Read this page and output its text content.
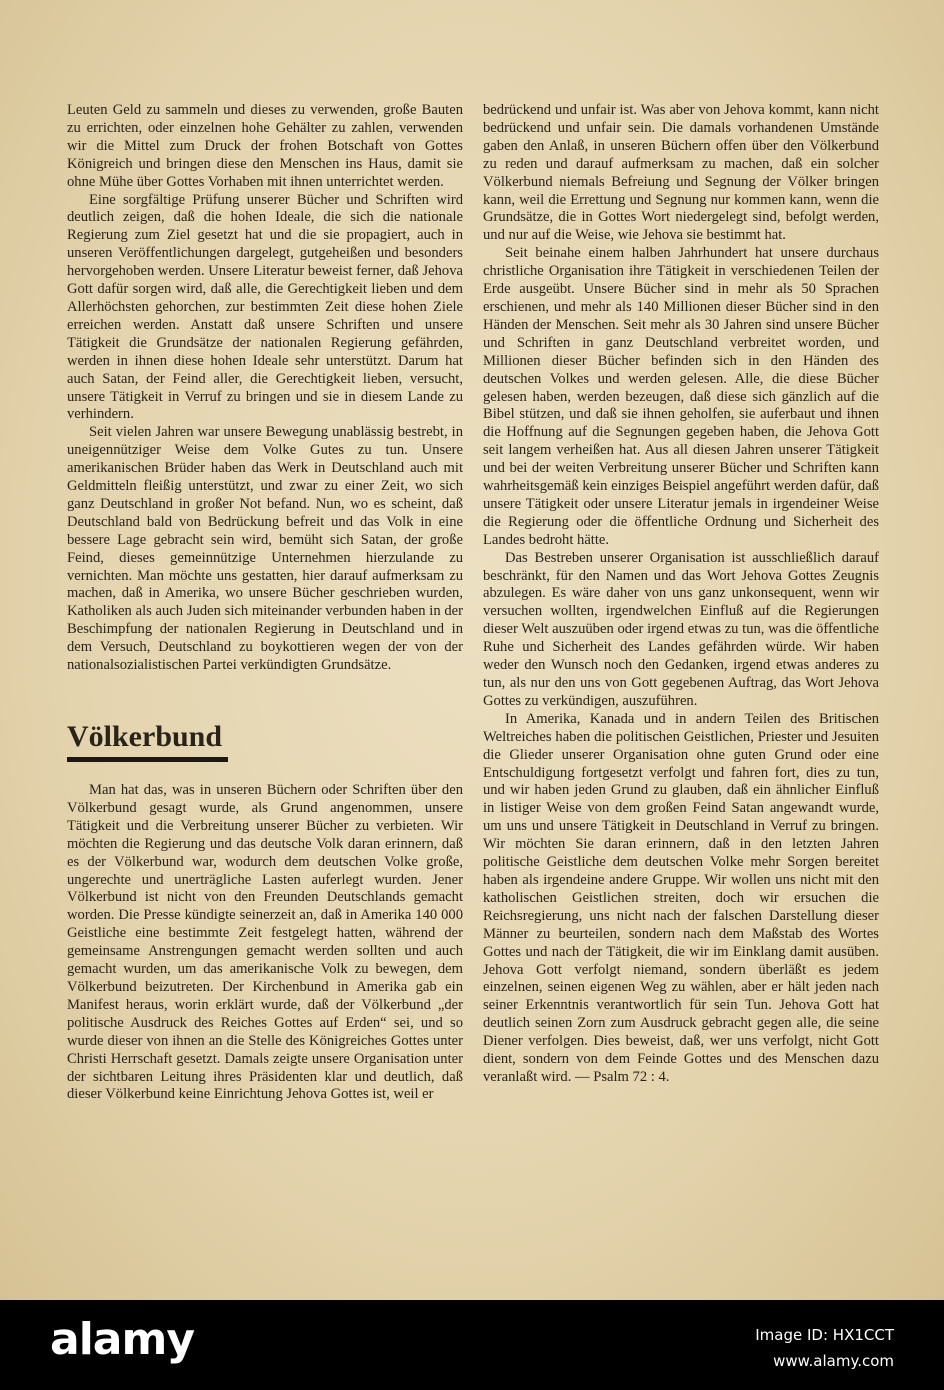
Leuten Geld zu sammeln und dieses zu verwenden, große Bauten zu errichten, oder einzelnen hohe Gehälter zu zahlen, verwenden wir die Mittel zum Druck der frohen Botschaft von Gottes Königreich und bringen diese den Menschen ins Haus, damit sie ohne Mühe über Gottes Vorhaben mit ihnen unterrichtet werden.

Eine sorgfältige Prüfung unserer Bücher und Schriften wird deutlich zeigen, daß die hohen Ideale, die sich die nationale Regierung zum Ziel gesetzt hat und die sie propagiert, auch in unseren Veröffentlichungen dargelegt, gutgeheißen und besonders hervorgehoben werden. Unsere Literatur beweist ferner, daß Jehova Gott dafür sorgen wird, daß alle, die Gerechtigkeit lieben und dem Allerhöchsten gehorchen, zur bestimmten Zeit diese hohen Ziele erreichen werden. Anstatt daß unsere Schriften und unsere Tätigkeit die Grundsätze der nationalen Regierung gefährden, werden in ihnen diese hohen Ideale sehr unterstützt. Darum hat auch Satan, der Feind aller, die Gerechtigkeit lieben, versucht, unsere Tätigkeit in Verruf zu bringen und sie in diesem Lande zu verhindern.

Seit vielen Jahren war unsere Bewegung unablässig bestrebt, in uneigennütziger Weise dem Volke Gutes zu tun. Unsere amerikanischen Brüder haben das Werk in Deutschland auch mit Geldmitteln fleißig unterstützt, und zwar zu einer Zeit, wo sich ganz Deutschland in großer Not befand. Nun, wo es scheint, daß Deutschland bald von Bedrückung befreit und das Volk in eine bessere Lage gebracht sein wird, bemüht sich Satan, der große Feind, dieses gemeinnützige Unternehmen hierzulande zu vernichten. Man möchte uns gestatten, hier darauf aufmerksam zu machen, daß in Amerika, wo unsere Bücher geschrieben wurden, Katholiken als auch Juden sich miteinander verbunden haben in der Beschimpfung der nationalen Regierung in Deutschland und in dem Versuch, Deutschland zu boykottieren wegen der von der nationalsozialistischen Partei verkündigten Grundsätze.

Völkerbund

Man hat das, was in unseren Büchern oder Schriften über den Völkerbund gesagt wurde, als Grund angenommen, unsere Tätigkeit und die Verbreitung unserer Bücher zu verbieten. Wir möchten die Regierung und das deutsche Volk daran erinnern, daß es der Völkerbund war, wodurch dem deutschen Volke große, ungerechte und unerträgliche Lasten auferlegt wurden. Jener Völkerbund ist nicht von den Freunden Deutschlands gemacht worden. Die Presse kündigte seinerzeit an, daß in Amerika 140 000 Geistliche eine bestimmte Zeit festgelegt hatten, während der gemeinsame Anstrengungen gemacht werden sollten und auch gemacht wurden, um das amerikanische Volk zu bewegen, dem Völkerbund beizutreten. Der Kirchenbund in Amerika gab ein Manifest heraus, worin erklärt wurde, daß der Völkerbund „der politische Ausdruck des Reiches Gottes auf Erden“ sei, und so wurde dieser von ihnen an die Stelle des Königreiches Gottes unter Christi Herrschaft gesetzt. Damals zeigte unsere Organisation unter der sichtbaren Leitung ihres Präsidenten klar und deutlich, daß dieser Völkerbund keine Einrichtung Jehova Gottes ist, weil er

bedrückend und unfair ist. Was aber von Jehova kommt, kann nicht bedrückend und unfair sein. Die damals vorhandenen Umstände gaben den Anlaß, in unseren Büchern offen über den Völkerbund zu reden und darauf aufmerksam zu machen, daß ein solcher Völkerbund niemals Befreiung und Segnung der Völker bringen kann, weil die Errettung und Segnung nur kommen kann, wenn die Grundsätze, die in Gottes Wort niedergelegt sind, befolgt werden, und nur auf die Weise, wie Jehova sie bestimmt hat.

Seit beinahe einem halben Jahrhundert hat unsere durchaus christliche Organisation ihre Tätigkeit in verschiedenen Teilen der Erde ausgeübt. Unsere Bücher sind in mehr als 50 Sprachen erschienen, und mehr als 140 Millionen dieser Bücher sind in den Händen der Menschen. Seit mehr als 30 Jahren sind unsere Bücher und Schriften in ganz Deutschland verbreitet worden, und Millionen dieser Bücher befinden sich in den Händen des deutschen Volkes und werden gelesen. Alle, die diese Bücher gelesen haben, werden bezeugen, daß diese sich gänzlich auf die Bibel stützen, und daß sie ihnen geholfen, sie auferbaut und ihnen die Hoffnung auf die Segnungen gegeben haben, die Jehova Gott seit langem verheißen hat. Aus all diesen Jahren unserer Tätigkeit und bei der weiten Verbreitung unserer Bücher und Schriften kann wahrheitsgemäß kein einziges Beispiel angeführt werden dafür, daß unsere Tätigkeit oder unsere Literatur jemals in irgendeiner Weise die Regierung oder die öffentliche Ordnung und Sicherheit des Landes bedroht hätte.

Das Bestreben unserer Organisation ist ausschließlich darauf beschränkt, für den Namen und das Wort Jehova Gottes Zeugnis abzulegen. Es wäre daher von uns ganz unkonsequent, wenn wir versuchen wollten, irgendwelchen Einfluß auf die Regierungen dieser Welt auszuüben oder irgend etwas zu tun, was die öffentliche Ruhe und Sicherheit des Landes gefährden würde. Wir haben weder den Wunsch noch den Gedanken, irgend etwas anderes zu tun, als nur den uns von Gott gegebenen Auftrag, das Wort Jehova Gottes zu verkündigen, auszuführen.

In Amerika, Kanada und in andern Teilen des Britischen Weltreiches haben die politischen Geistlichen, Priester und Jesuiten die Glieder unserer Organisation ohne guten Grund oder eine Entschuldigung fortgesetzt verfolgt und fahren fort, dies zu tun, und wir haben jeden Grund zu glauben, daß ein ähnlicher Einfluß in listiger Weise von dem großen Feind Satan angewandt wurde, um uns und unsere Tätigkeit in Deutschland in Verruf zu bringen. Wir möchten Sie daran erinnern, daß in den letzten Jahren politische Geistliche dem deutschen Volke mehr Sorgen bereitet haben als irgendeine andere Gruppe. Wir wollen uns nicht mit den katholischen Geistlichen streiten, doch wir ersuchen die Reichsregierung, uns nicht nach der falschen Darstellung dieser Männer zu beurteilen, sondern nach dem Maßstab des Wortes Gottes und nach der Tätigkeit, die wir im Einklang damit ausüben. Jehova Gott verfolgt niemand, sondern überläßt es jedem einzelnen, seinen eigenen Weg zu wählen, aber er hält jeden nach seiner Erkenntnis verantwortlich für sein Tun. Jehova Gott hat deutlich seinen Zorn zum Ausdruck gebracht gegen alle, die seine Diener verfolgen. Dies beweist, daß, wer uns verfolgt, nicht Gott dient, sondern von dem Feinde Gottes und des Menschen dazu veranlaßt wird. — Psalm 72 : 4.

alamy	Image ID: HX1CCT
www.alamy.com
